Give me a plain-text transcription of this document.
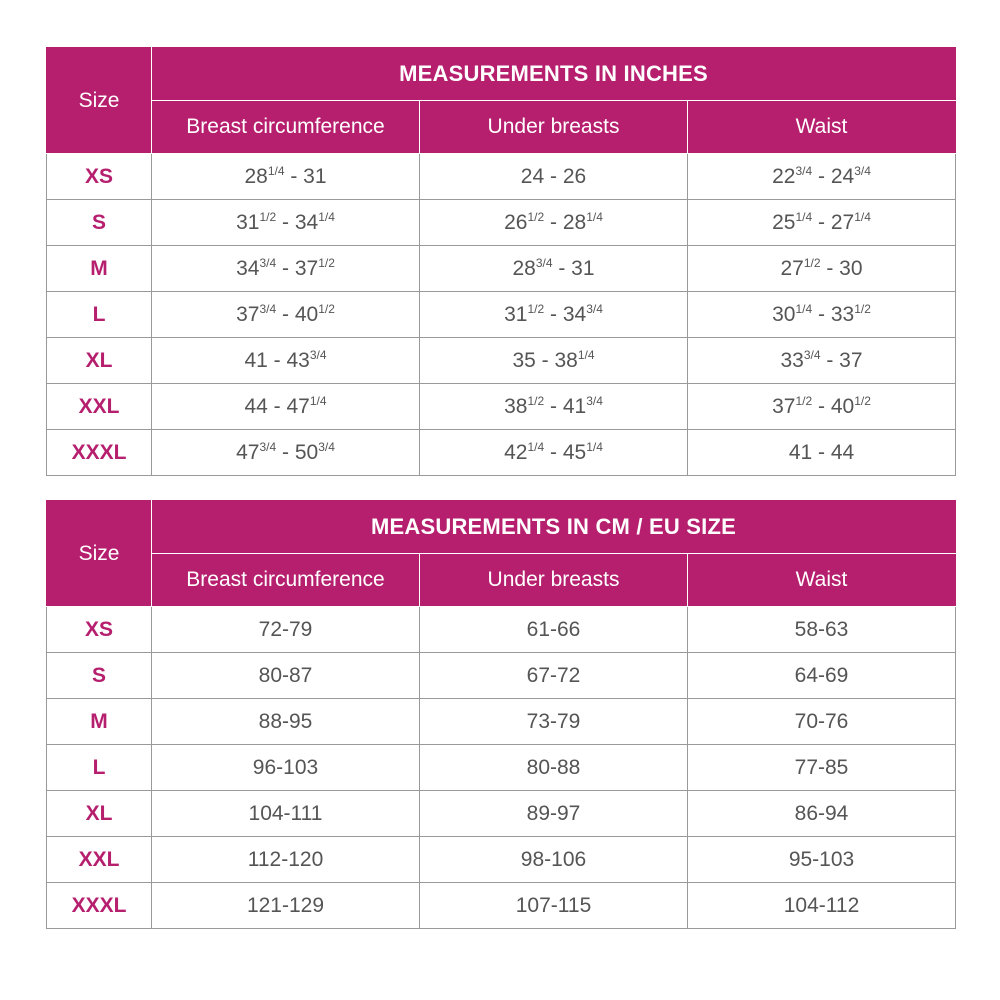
Size	MEASUREMENTS IN INCHES		
	Breast circumference	Under breasts	Waist
XS	$28^{1/4} - 31$	24 - 26	$22^{3/4} - 24^{3/4}$
S	$31^{1/2} - 34^{1/4}$	$26^{1/2} - 28^{1/4}$	$25^{1/4} - 27^{1/4}$
M	$34^{3/4} - 37^{1/2}$	$28^{3/4} - 31$	$27^{1/2} - 30$
L	$37^{3/4} - 40^{1/2}$	$31^{1/2} - 34^{3/4}$	$30^{1/4} - 33^{1/2}$
XL	$41 - 43^{3/4}$	$35 - 38^{1/4}$	$33^{3/4} - 37$
XXL	$44 - 47^{1/4}$	$38^{1/2} - 41^{3/4}$	$37^{1/2} - 40^{1/2}$
XXXL	$47^{3/4} - 50^{3/4}$	$42^{1/4} - 45^{1/4}$	41 - 44
Size	MEASUREMENTS IN CM / EU SIZE		
	Breast circumference	Under breasts	Waist
XS	72-79	61-66	58-63
S	80-87	67-72	64-69
M	88-95	73-79	70-76
L	96-103	80-88	77-85
XL	104-111	89-97	86-94
XXL	112-120	98-106	95-103
XXXL	121-129	107-115	104-112
